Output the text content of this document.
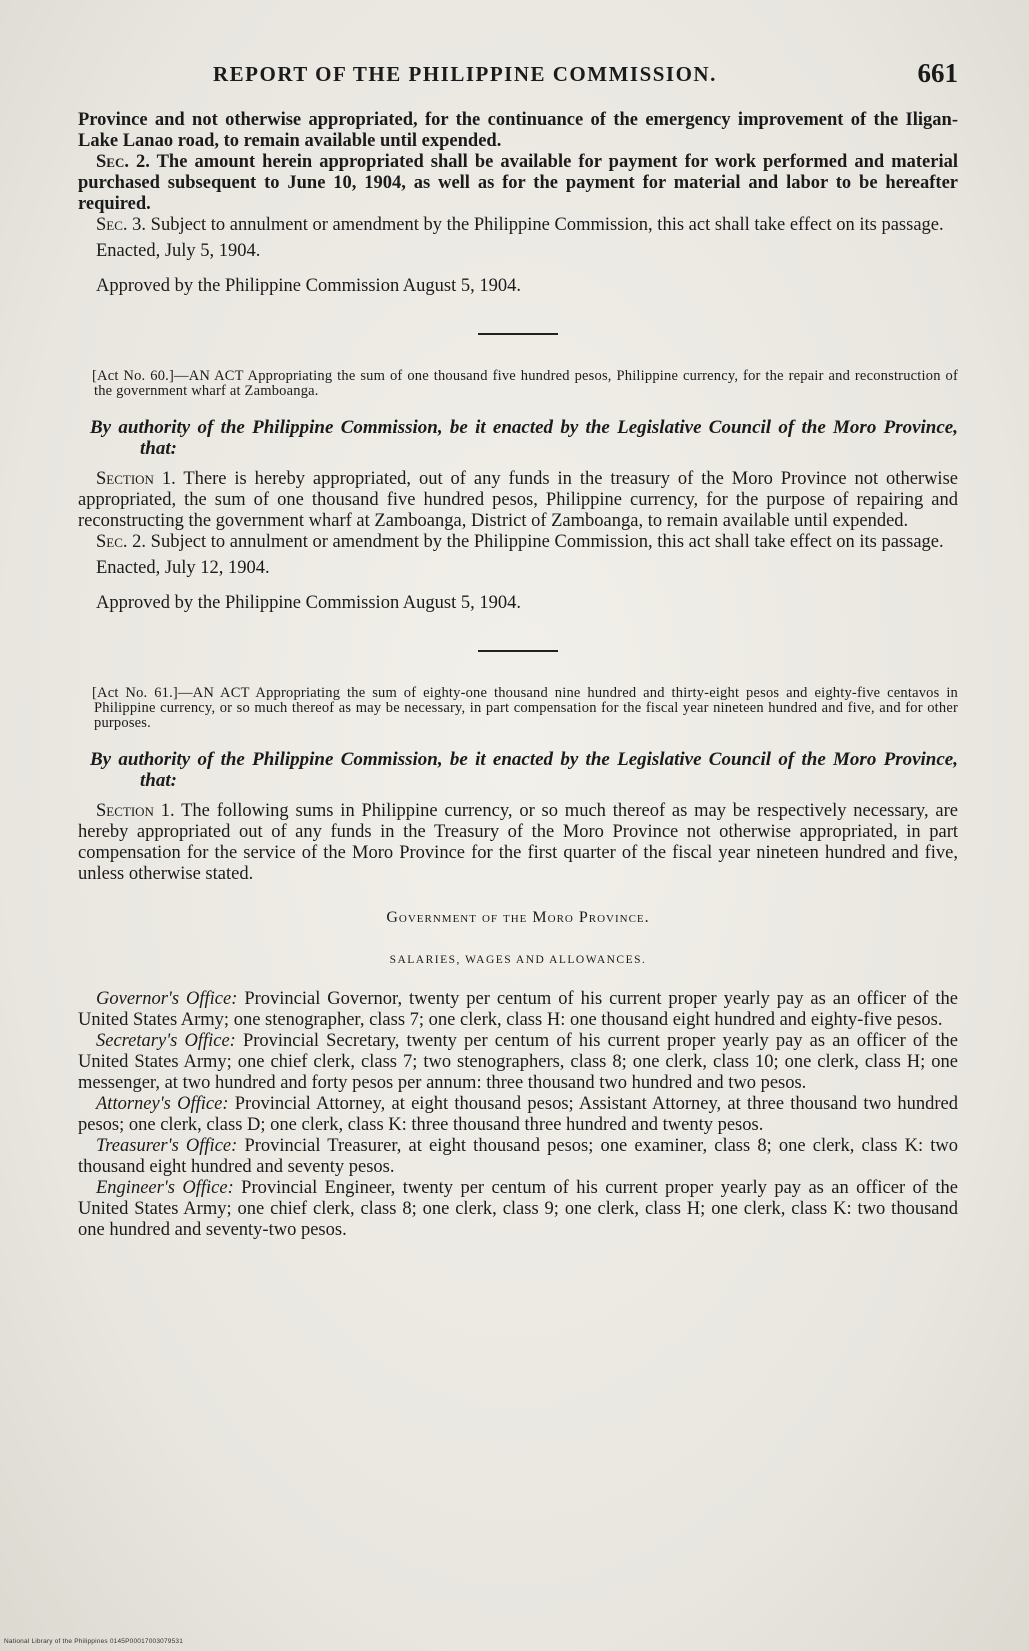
REPORT OF THE PHILIPPINE COMMISSION.	661

Province and not otherwise appropriated, for the continuance of the emergency improvement of the Iligan-Lake Lanao road, to remain available until expended.

Sec. 2. The amount herein appropriated shall be available for payment for work performed and material purchased subsequent to June 10, 1904, as well as for the payment for material and labor to be hereafter required.

Sec. 3. Subject to annulment or amendment by the Philippine Commission, this act shall take effect on its passage.

Enacted, July 5, 1904.

Approved by the Philippine Commission August 5, 1904.

[Act No. 60.]—AN ACT Appropriating the sum of one thousand five hundred pesos, Philippine currency, for the repair and reconstruction of the government wharf at Zamboanga.

By authority of the Philippine Commission, be it enacted by the Legislative Council of the Moro Province, that:

Section 1. There is hereby appropriated, out of any funds in the treasury of the Moro Province not otherwise appropriated, the sum of one thousand five hundred pesos, Philippine currency, for the purpose of repairing and reconstructing the government wharf at Zamboanga, District of Zamboanga, to remain available until expended.

Sec. 2. Subject to annulment or amendment by the Philippine Commission, this act shall take effect on its passage.

Enacted, July 12, 1904.

Approved by the Philippine Commission August 5, 1904.

[Act No. 61.]—AN ACT Appropriating the sum of eighty-one thousand nine hundred and thirty-eight pesos and eighty-five centavos in Philippine currency, or so much thereof as may be necessary, in part compensation for the fiscal year nineteen hundred and five, and for other purposes.

By authority of the Philippine Commission, be it enacted by the Legislative Council of the Moro Province, that:

Section 1. The following sums in Philippine currency, or so much thereof as may be respectively necessary, are hereby appropriated out of any funds in the Treasury of the Moro Province not otherwise appropriated, in part compensation for the service of the Moro Province for the first quarter of the fiscal year nineteen hundred and five, unless otherwise stated.

Government of the Moro Province.

SALARIES, WAGES AND ALLOWANCES.

Governor's Office: Provincial Governor, twenty per centum of his current proper yearly pay as an officer of the United States Army; one stenographer, class 7; one clerk, class H: one thousand eight hundred and eighty-five pesos.

Secretary's Office: Provincial Secretary, twenty per centum of his current proper yearly pay as an officer of the United States Army; one chief clerk, class 7; two stenographers, class 8; one clerk, class 10; one clerk, class H; one messenger, at two hundred and forty pesos per annum: three thousand two hundred and two pesos.

Attorney's Office: Provincial Attorney, at eight thousand pesos; Assistant Attorney, at three thousand two hundred pesos; one clerk, class D; one clerk, class K: three thousand three hundred and twenty pesos.

Treasurer's Office: Provincial Treasurer, at eight thousand pesos; one examiner, class 8; one clerk, class K: two thousand eight hundred and seventy pesos.

Engineer's Office: Provincial Engineer, twenty per centum of his current proper yearly pay as an officer of the United States Army; one chief clerk, class 8; one clerk, class 9; one clerk, class H; one clerk, class K: two thousand one hundred and seventy-two pesos.

National Library of the Philippines 0145P00017003079531
